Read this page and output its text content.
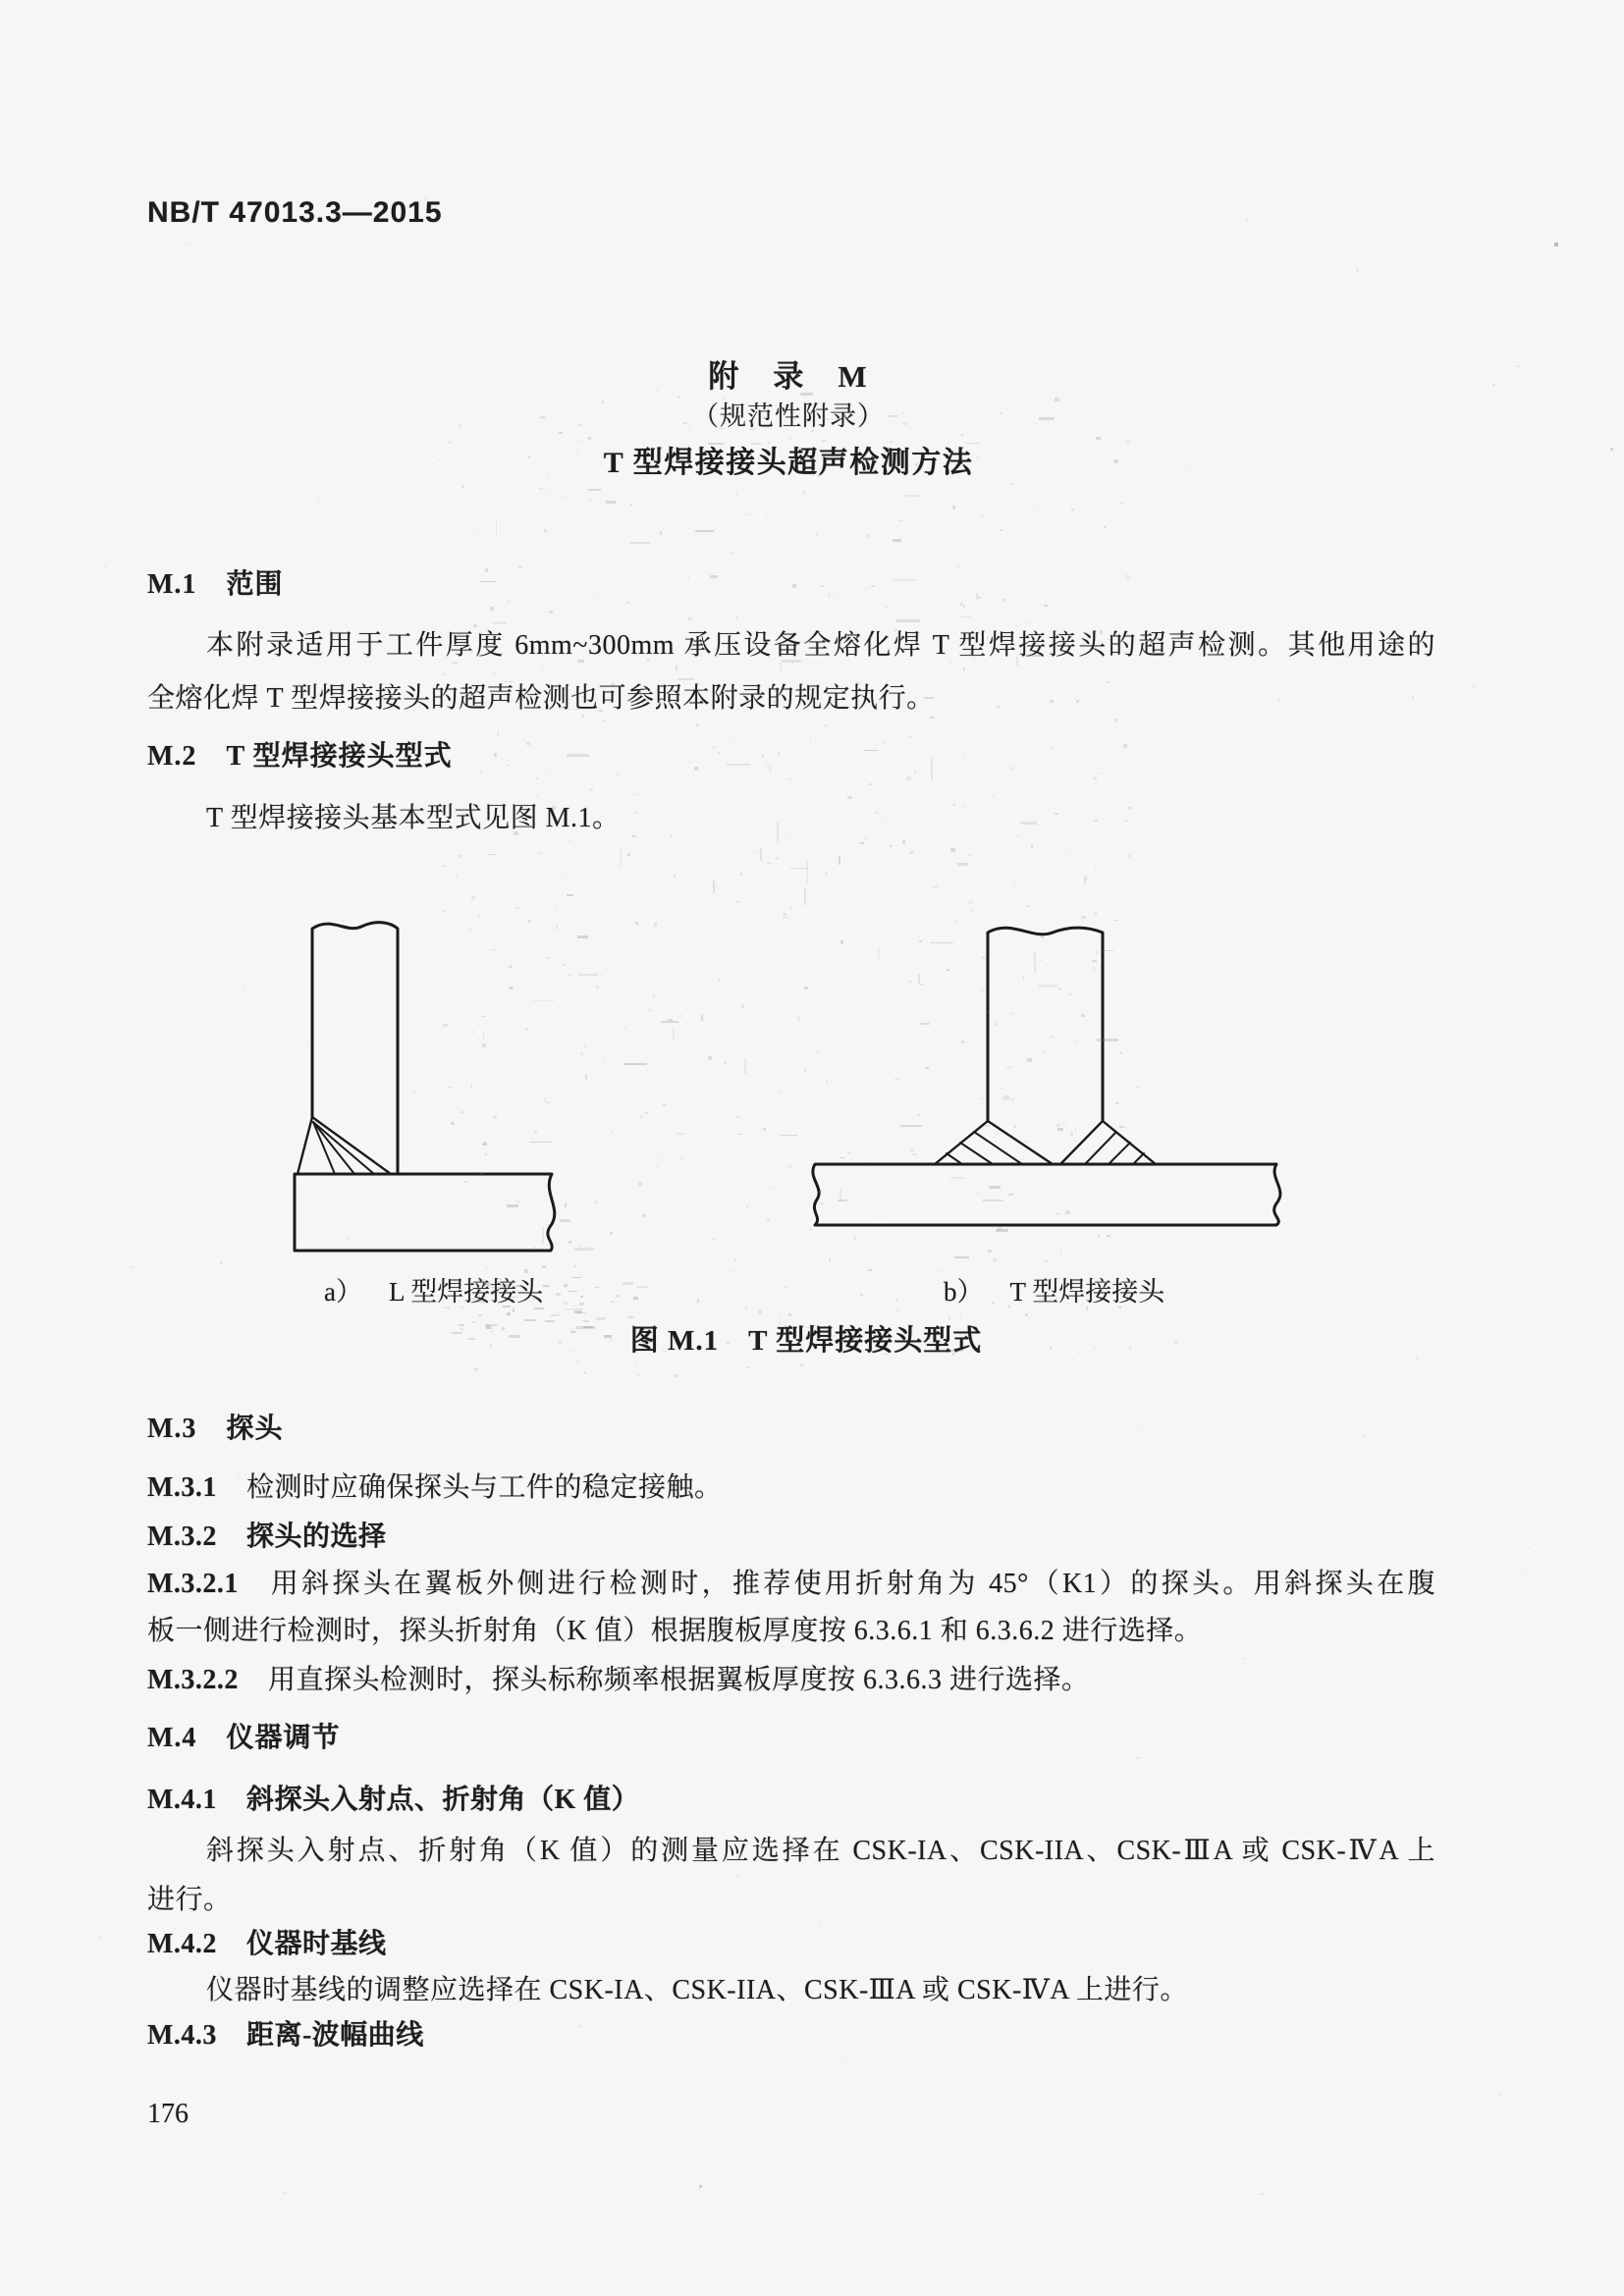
NB/T 47013.3—2015
附　录　M
（规范性附录）
T 型焊接接头超声检测方法
M.1 范围
本附录适用于工件厚度 6mm~300mm 承压设备全熔化焊 T 型焊接接头的超声检测。其他用途的
全熔化焊 T 型焊接接头的超声检测也可参照本附录的规定执行。
M.2 T 型焊接接头型式
T 型焊接接头基本型式见图 M.1。
a） L 型焊接接头	b） T 型焊接接头
图 M.1　T 型焊接接头型式
M.3 探头
M.3.1 检测时应确保探头与工件的稳定接触。
M.3.2 探头的选择
M.3.2.1 用斜探头在翼板外侧进行检测时，推荐使用折射角为 45°（K1）的探头。用斜探头在腹
板一侧进行检测时，探头折射角（K 值）根据腹板厚度按 6.3.6.1 和 6.3.6.2 进行选择。
M.3.2.2 用直探头检测时，探头标称频率根据翼板厚度按 6.3.6.3 进行选择。
M.4 仪器调节
M.4.1 斜探头入射点、折射角（K 值）
斜探头入射点、折射角（K 值）的测量应选择在 CSK-IA、CSK-IIA、CSK-ⅢA 或 CSK-ⅣA 上
进行。
M.4.2 仪器时基线
仪器时基线的调整应选择在 CSK-IA、CSK-IIA、CSK-ⅢA 或 CSK-ⅣA 上进行。
M.4.3 距离-波幅曲线
176
